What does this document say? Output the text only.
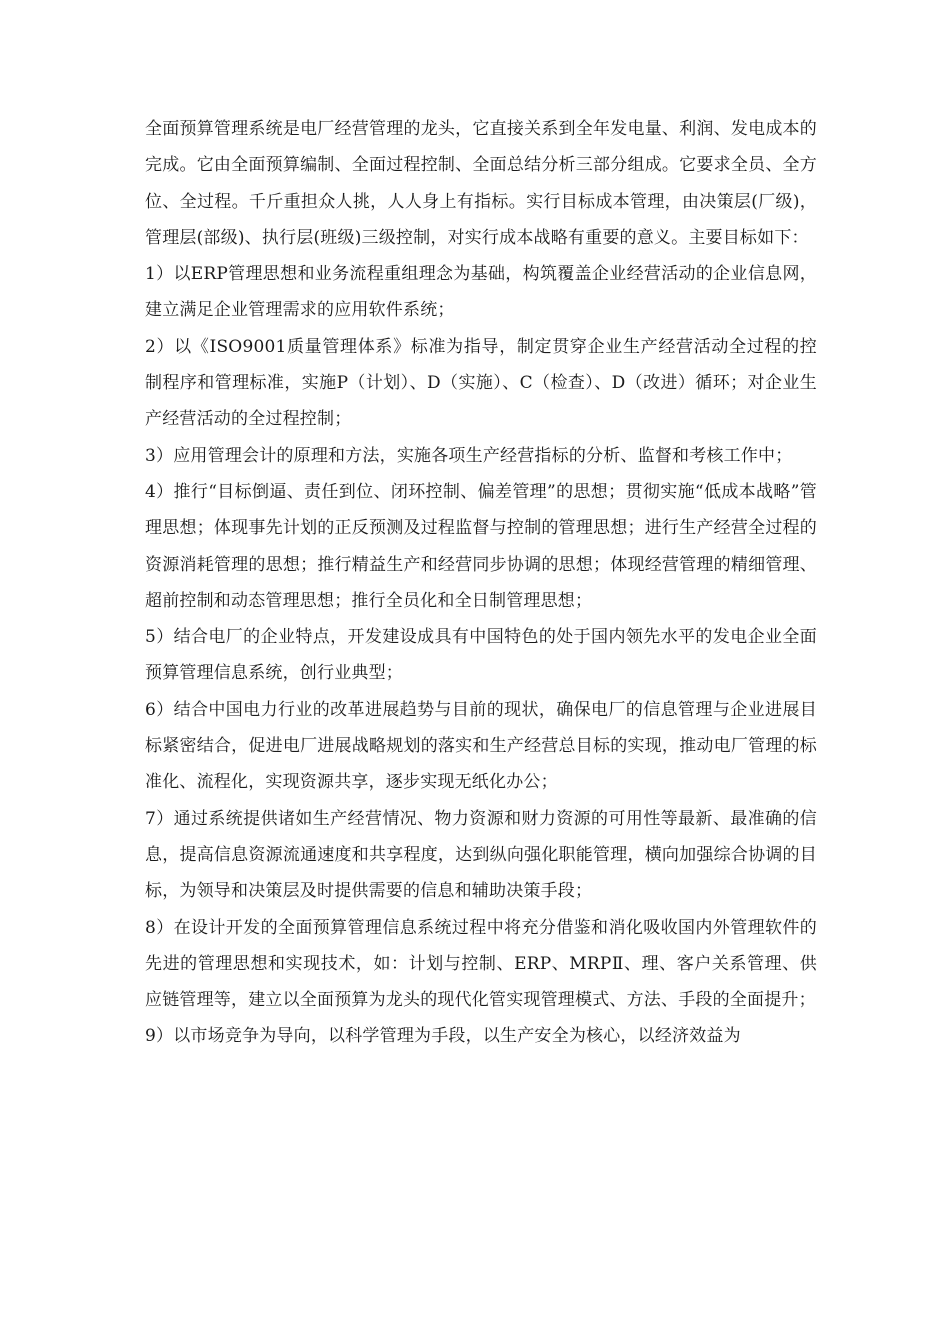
全面预算管理系统是电厂经营管理的龙头，它直接关系到全年发电量、利润、发电成本的完成。它由全面预算编制、全面过程控制、全面总结分析三部分组成。它要求全员、全方位、全过程。千斤重担众人挑，人人身上有指标。实行目标成本管理，由决策层(厂级)，管理层(部级)、执行层(班级)三级控制，对实行成本战略有重要的意义。主要目标如下：

1）以ERP管理思想和业务流程重组理念为基础，构筑覆盖企业经营活动的企业信息网，建立满足企业管理需求的应用软件系统；

2）以《ISO9001质量管理体系》标准为指导，制定贯穿企业生产经营活动全过程的控制程序和管理标准，实施P（计划）、D（实施）、C（检查）、D（改进）循环；对企业生产经营活动的全过程控制；

3）应用管理会计的原理和方法，实施各项生产经营指标的分析、监督和考核工作中；

4）推行“目标倒逼、责任到位、闭环控制、偏差管理”的思想；贯彻实施“低成本战略”管理思想；体现事先计划的正反预测及过程监督与控制的管理思想；进行生产经营全过程的资源消耗管理的思想；推行精益生产和经营同步协调的思想；体现经营管理的精细管理、超前控制和动态管理思想；推行全员化和全日制管理思想；

5）结合电厂的企业特点，开发建设成具有中国特色的处于国内领先水平的发电企业全面预算管理信息系统，创行业典型；

6）结合中国电力行业的改革进展趋势与目前的现状，确保电厂的信息管理与企业进展目标紧密结合，促进电厂进展战略规划的落实和生产经营总目标的实现，推动电厂管理的标准化、流程化，实现资源共享，逐步实现无纸化办公；

7）通过系统提供诸如生产经营情况、物力资源和财力资源的可用性等最新、最准确的信息，提高信息资源流通速度和共享程度，达到纵向强化职能管理，横向加强综合协调的目标，为领导和决策层及时提供需要的信息和辅助决策手段；

8）在设计开发的全面预算管理信息系统过程中将充分借鉴和消化吸收国内外管理软件的先进的管理思想和实现技术，如：计划与控制、ERP、MRPⅡ、理、客户关系管理、供应链管理等，建立以全面预算为龙头的现代化管实现管理模式、方法、手段的全面提升；

9）以市场竞争为导向，以科学管理为手段，以生产安全为核心，以经济效益为
